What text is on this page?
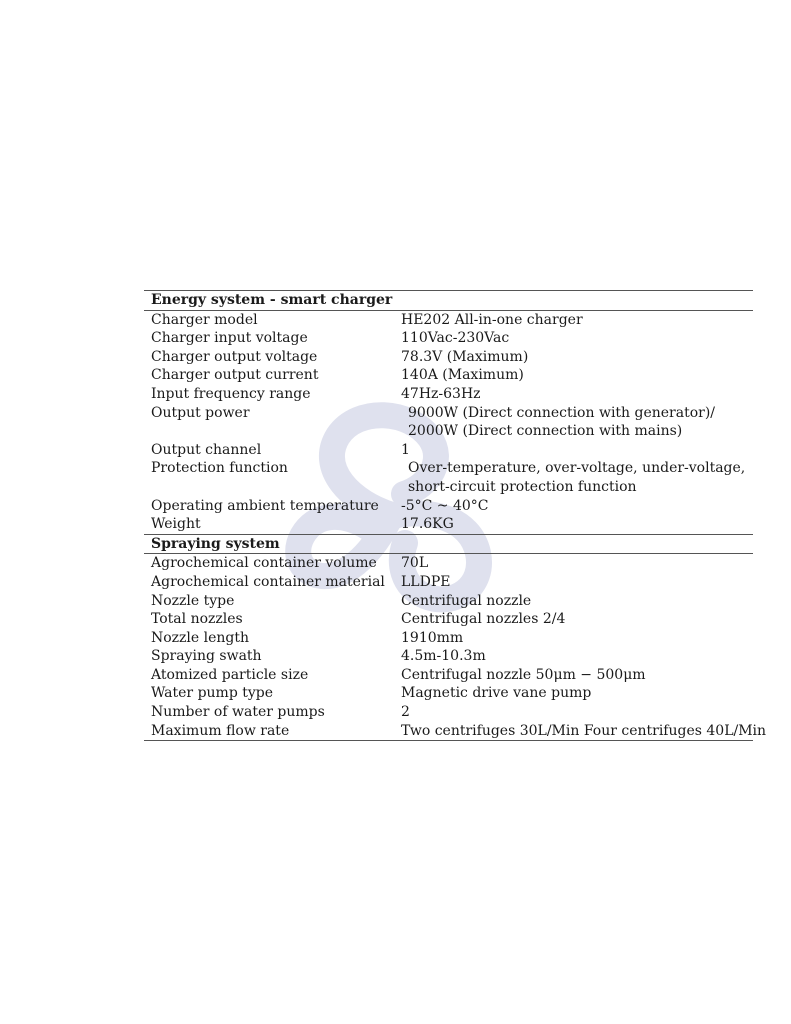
Energy system - smart charger	
Charger model	HE202 All-in-one charger

Charger input voltage	110Vac-230Vac

Charger output voltage	78.3V (Maximum)

Charger output current	140A (Maximum)

Input frequency range	47Hz-63Hz

Output power	9000W (Direct connection with generator)/
2000W (Direct connection with mains)

Output channel	1

Protection function	Over-temperature, over-voltage, under-voltage,
short-circuit protection function

Operating ambient temperature	-5°C ~ 40°C

Weight	17.6KG

Spraying system	
Agrochemical container volume	70L

Agrochemical container material	LLDPE

Nozzle type	Centrifugal nozzle

Total nozzles	Centrifugal nozzles 2/4

Nozzle length	1910mm

Spraying swath	4.5m-10.3m

Atomized particle size	Centrifugal nozzle 50μm − 500μm

Water pump type	Magnetic drive vane pump

Number of water pumps	2

Maximum flow rate	Two centrifuges 30L/Min Four centrifuges 40L/Min
